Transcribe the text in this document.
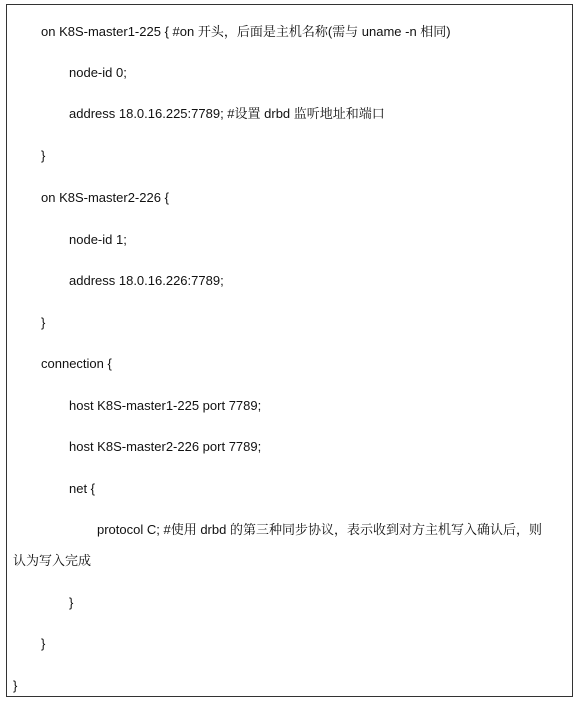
on K8S-master1-225 { #on 开头，后面是主机名称(需与 uname -n 相同)
node-id 0;
address 18.0.16.225:7789; #设置 drbd 监听地址和端口
}
on K8S-master2-226 {
node-id 1;
address 18.0.16.226:7789;
}
connection {
host K8S-master1-225 port 7789;
host K8S-master2-226 port 7789;
net {
protocol C; #使用 drbd 的第三种同步协议，表示收到对方主机写入确认后，则
认为写入完成
}
}
}
